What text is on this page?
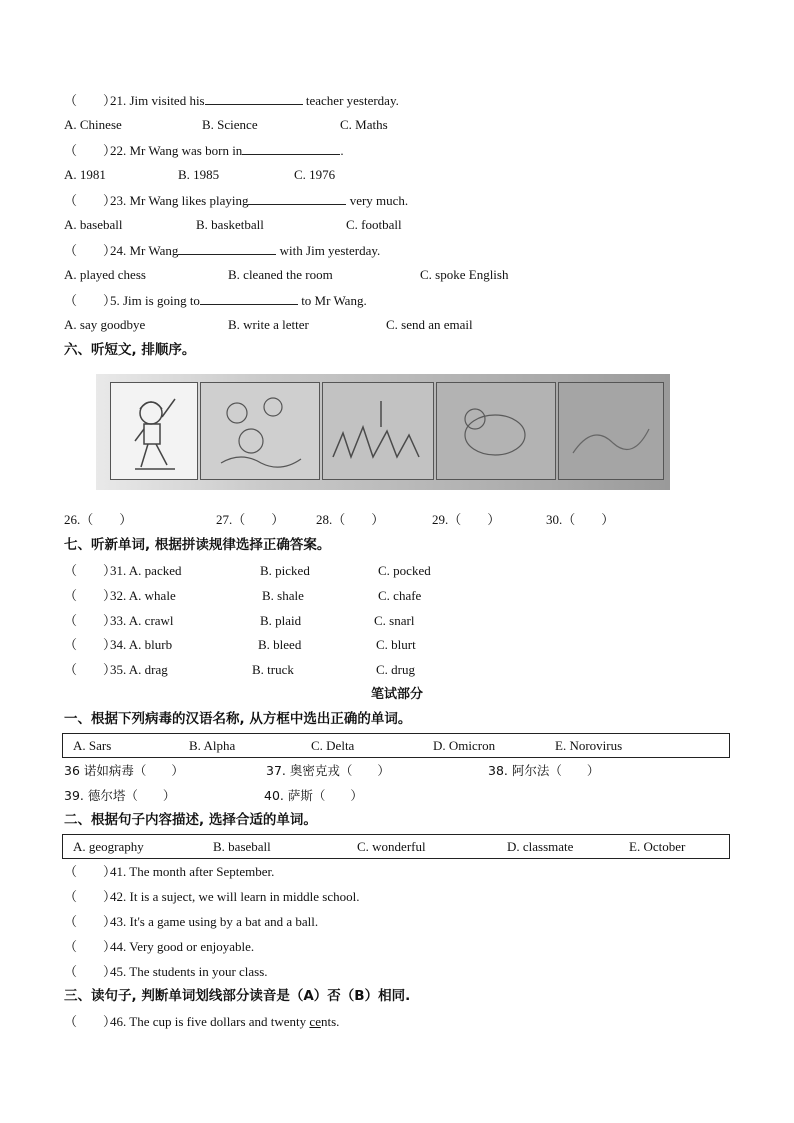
（　　）21. Jim visited his	teacher yesterday.
A. Chinese	B. Science	C. Maths
（　　）22. Mr Wang was born in	.
A. 1981	B. 1985	C. 1976
（　　）23. Mr Wang likes playing	very much.
A. baseball	B. basketball	C. football
（　　）24. Mr Wang	with Jim yesterday.
A. played chess	B. cleaned the room	C. spoke English
（　　）5. Jim is going to	to Mr Wang.
A. say goodbye	B. write a letter	C. send an email
六、听短文, 排顺序。
26.（　　）	27.（　　） 28.（　　）	29.（　　）	30.（　　）
七、听新单词, 根据拼读规律选择正确答案。
（　　）31. A. packed	B. picked	C. pocked
（　　）32. A. whale	B. shale	C. chafe
（　　）33. A. crawl	B. plaid	C. snarl
（　　）34. A. blurb	B. bleed	C. blurt
（　　）35. A. drag	B. truck	C. drug
笔试部分
一、根据下列病毒的汉语名称, 从方框中选出正确的单词。
A. Sars	B. Alpha	C. Delta	D. Omicron	E. Norovirus
36 诺如病毒（　　）	37. 奥密克戎（　　）	38. 阿尔法（　　）
39. 德尔塔（　　）	40. 萨斯（　　）
二、根据句子内容描述, 选择合适的单词。
A. geography	B. baseball	C. wonderful	D. classmate	E. October
（　　）41. The month after September.
（　　）42. It is a suject, we will learn in middle school.
（　　）43. It's a game using by a bat and a ball.
（　　）44. Very good or enjoyable.
（　　）45. The students in your class.
三、读句子, 判断单词划线部分读音是（A）否（B）相同.
（　　）46. The cup is five dollars and twenty cents.
